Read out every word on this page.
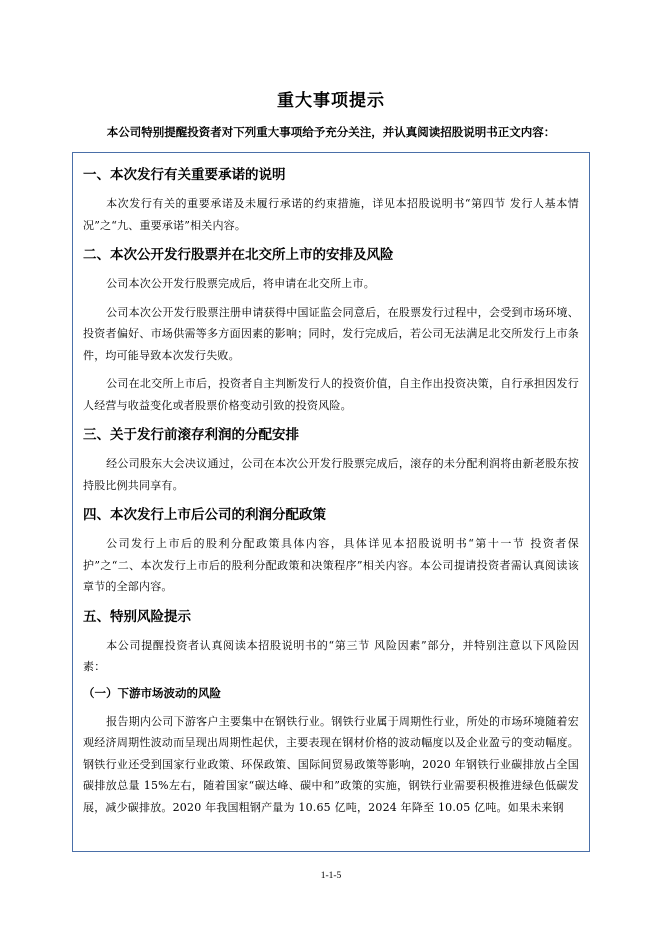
重大事项提示
本公司特别提醒投资者对下列重大事项给予充分关注，并认真阅读招股说明书正文内容：
一、本次发行有关重要承诺的说明

本次发行有关的重要承诺及未履行承诺的约束措施，详见本招股说明书“第四节 发行人基本情况”之“九、重要承诺”相关内容。

二、本次公开发行股票并在北交所上市的安排及风险

公司本次公开发行股票完成后，将申请在北交所上市。

公司本次公开发行股票注册申请获得中国证监会同意后，在股票发行过程中，会受到市场环境、投资者偏好、市场供需等多方面因素的影响；同时，发行完成后，若公司无法满足北交所发行上市条件，均可能导致本次发行失败。

公司在北交所上市后，投资者自主判断发行人的投资价值，自主作出投资决策，自行承担因发行人经营与收益变化或者股票价格变动引致的投资风险。

三、关于发行前滚存利润的分配安排

经公司股东大会决议通过，公司在本次公开发行股票完成后，滚存的未分配利润将由新老股东按持股比例共同享有。

四、本次发行上市后公司的利润分配政策

公司发行上市后的股利分配政策具体内容，具体详见本招股说明书“第十一节 投资者保护”之“二、本次发行上市后的股利分配政策和决策程序”相关内容。本公司提请投资者需认真阅读该章节的全部内容。

五、特别风险提示

本公司提醒投资者认真阅读本招股说明书的“第三节 风险因素”部分，并特别注意以下风险因素：

（一）下游市场波动的风险

报告期内公司下游客户主要集中在钢铁行业。钢铁行业属于周期性行业，所处的市场环境随着宏观经济周期性波动而呈现出周期性起伏，主要表现在钢材价格的波动幅度以及企业盈亏的变动幅度。钢铁行业还受到国家行业政策、环保政策、国际间贸易政策等影响，2020 年钢铁行业碳排放占全国碳排放总量 15%左右，随着国家“碳达峰、碳中和”政策的实施，钢铁行业需要积极推进绿色低碳发展，减少碳排放。2020 年我国粗钢产量为 10.65 亿吨，2024 年降至 10.05 亿吨。如果未来钢

1-1-5
